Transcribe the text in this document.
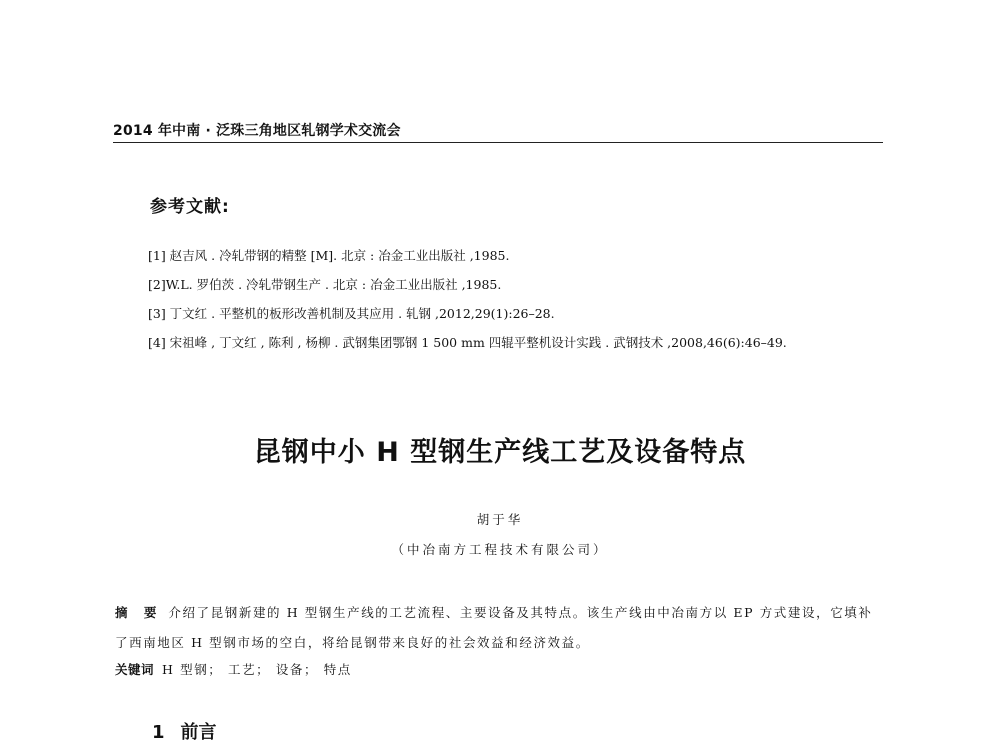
2014 年中南 · 泛珠三角地区轧钢学术交流会
参考文献:
[1] 赵吉风 . 冷轧带钢的精整 [M]. 北京 : 冶金工业出版社 ,1985.
[2]W.L. 罗伯茨 . 冷轧带钢生产 . 北京 : 冶金工业出版社 ,1985.
[3] 丁文红 . 平整机的板形改善机制及其应用 . 轧钢 ,2012,29(1):26–28.
[4] 宋祖峰 , 丁文红 , 陈利 , 杨柳 . 武钢集团鄂钢 1 500 mm 四辊平整机设计实践 . 武钢技术 ,2008,46(6):46–49.
昆钢中小 H 型钢生产线工艺及设备特点
胡于华
（中冶南方工程技术有限公司）
摘 要 介绍了昆钢新建的 H 型钢生产线的工艺流程、主要设备及其特点。该生产线由中冶南方以 EP 方式建设，它填补了西南地区 H 型钢市场的空白，将给昆钢带来良好的社会效益和经济效益。
关键词 H 型钢； 工艺； 设备； 特点
1 前言
